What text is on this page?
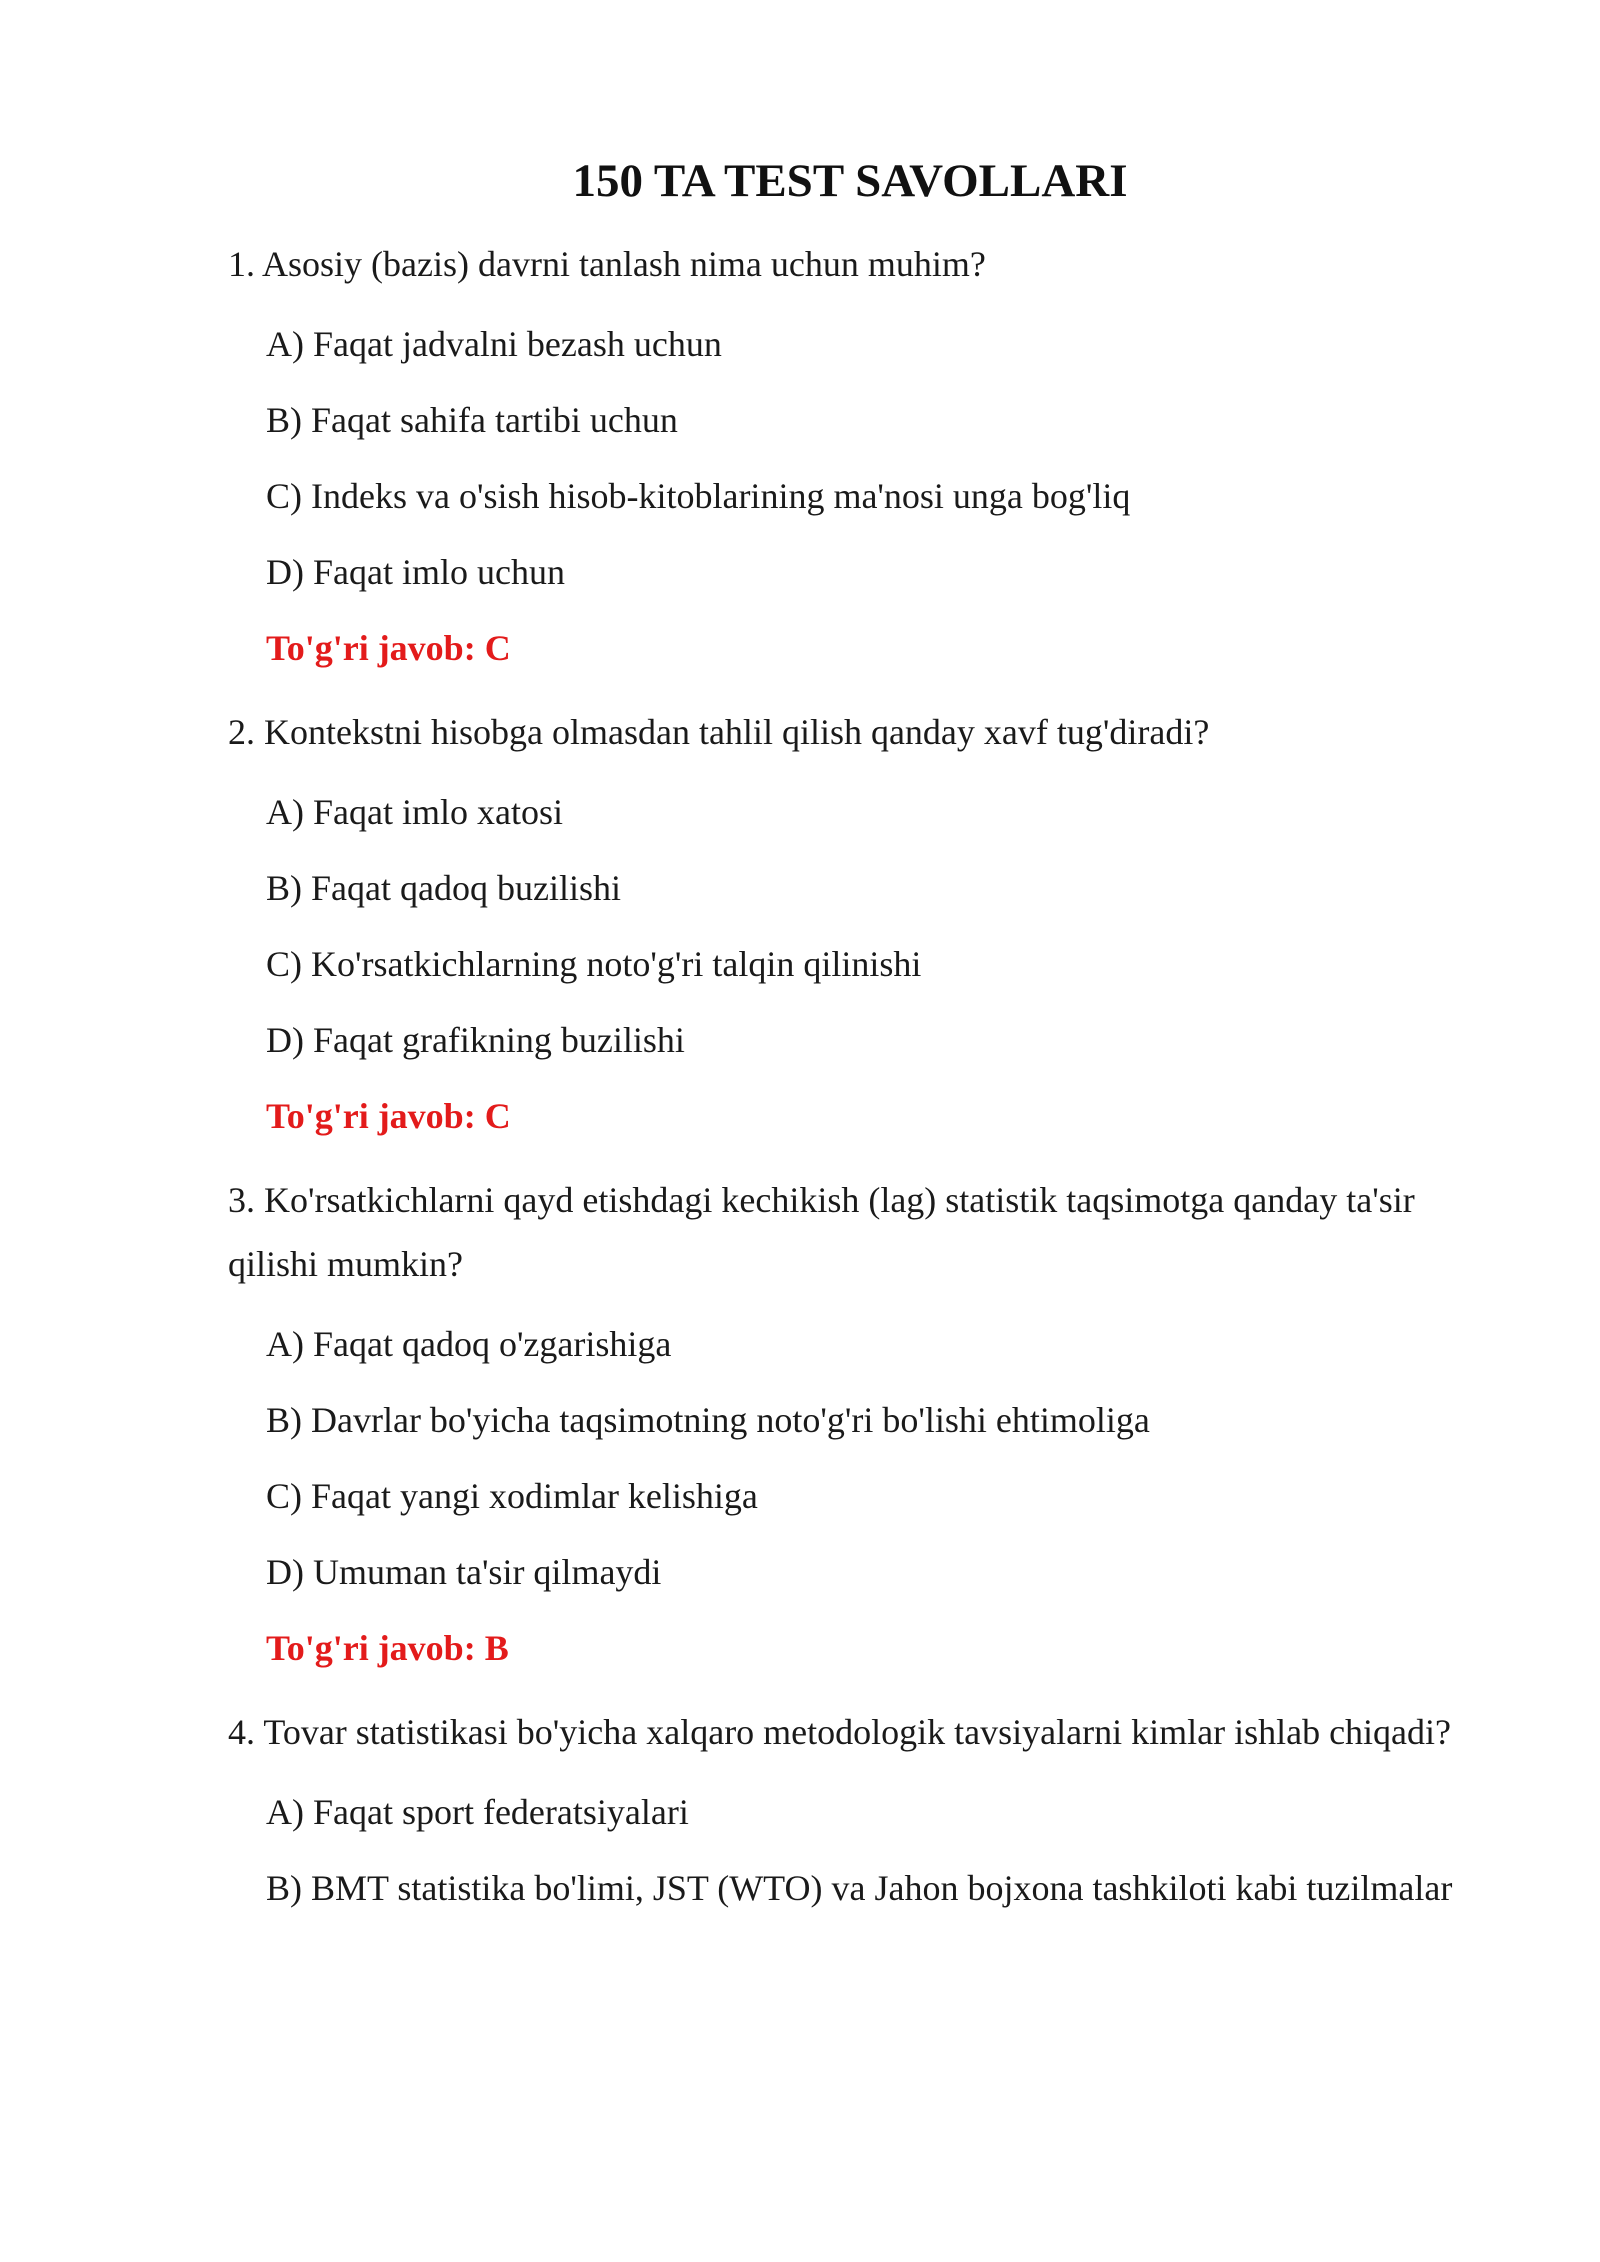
150 TA TEST SAVOLLARI

1. Asosiy (bazis) davrni tanlash nima uchun muhim?

A) Faqat jadvalni bezash uchun
B) Faqat sahifa tartibi uchun
C) Indeks va o'sish hisob-kitoblarining ma'nosi unga bog'liq
D) Faqat imlo uchun

To'g'ri javob: C

2. Kontekstni hisobga olmasdan tahlil qilish qanday xavf tug'diradi?

A) Faqat imlo xatosi
B) Faqat qadoq buzilishi
C) Ko'rsatkichlarning noto'g'ri talqin qilinishi
D) Faqat grafikning buzilishi

To'g'ri javob: C

3. Ko'rsatkichlarni qayd etishdagi kechikish (lag) statistik taqsimotga qanday ta'sir qilishi mumkin?

A) Faqat qadoq o'zgarishiga
B) Davrlar bo'yicha taqsimotning noto'g'ri bo'lishi ehtimoliga
C) Faqat yangi xodimlar kelishiga
D) Umuman ta'sir qilmaydi

To'g'ri javob: B

4. Tovar statistikasi bo'yicha xalqaro metodologik tavsiyalarni kimlar ishlab chiqadi?

A) Faqat sport federatsiyalari
B) BMT statistika bo'limi, JST (WTO) va Jahon bojxona tashkiloti kabi tuzilmalar
